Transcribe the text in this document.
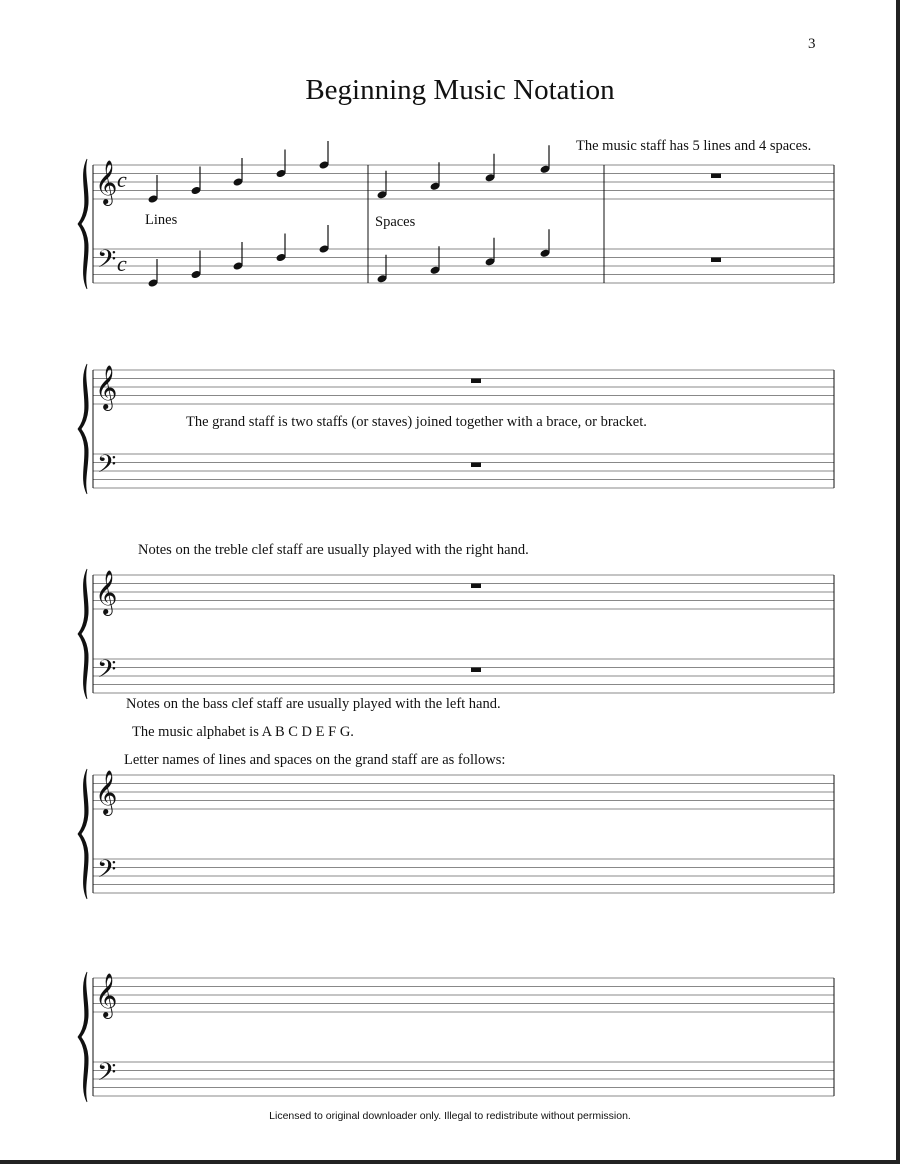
3
Beginning Music Notation
𝄞
𝄢
c
c
𝄞
𝄢
𝄞
𝄢
𝄞
𝄢
𝄞
𝄢
The music staff has 5 lines and 4 spaces.
Lines	Spaces
The grand staff is two staffs (or staves) joined together with a brace, or bracket.
Notes on the treble clef staff are usually played with the right hand.
Notes on the bass clef staff are usually played with the left hand.
The music alphabet is A B C D E F G.
Letter names of lines and spaces on the grand staff are as follows:
Licensed to original downloader only. Illegal to redistribute without permission.
